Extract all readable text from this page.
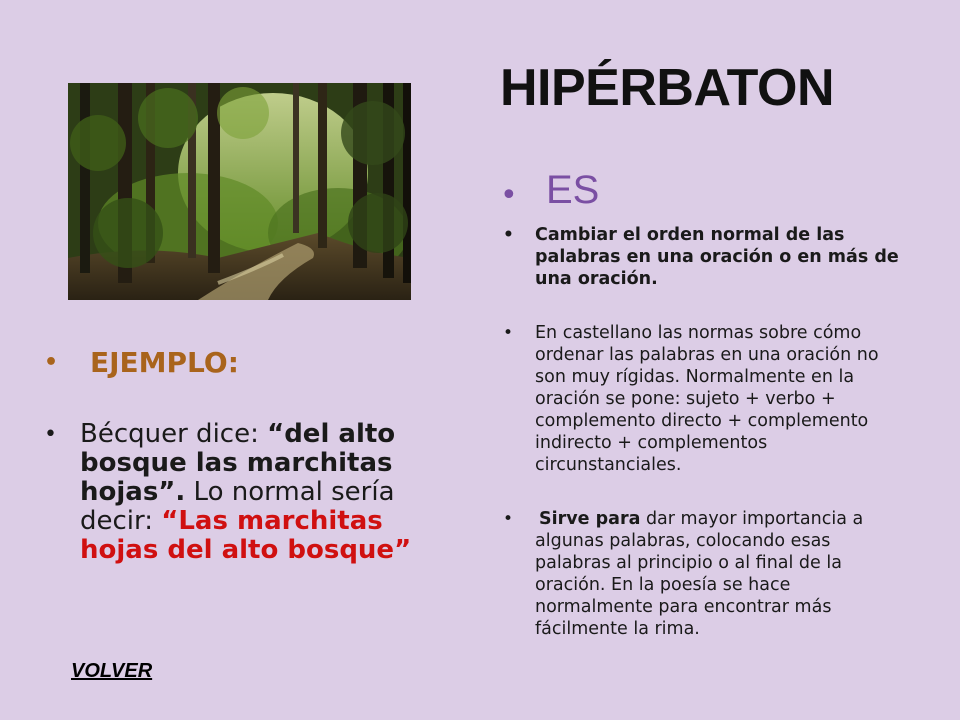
HIPÉRBATON
• ES
• Cambiar el orden normal de las palabras en una oración o en más de una oración.
• En castellano las normas sobre cómo ordenar las palabras en una oración no son muy rígidas. Normalmente en la oración se pone: sujeto + verbo + complemento directo + complemento indirecto + complementos circunstanciales.
• Sirve para dar mayor importancia a algunas palabras, colocando esas palabras al principio o al final de la oración. En la poesía se hace normalmente para encontrar más fácilmente la rima.
• EJEMPLO:
• Bécquer dice: “del alto bosque las marchitas hojas”. Lo normal sería decir: “Las marchitas hojas del alto bosque”
VOLVER
